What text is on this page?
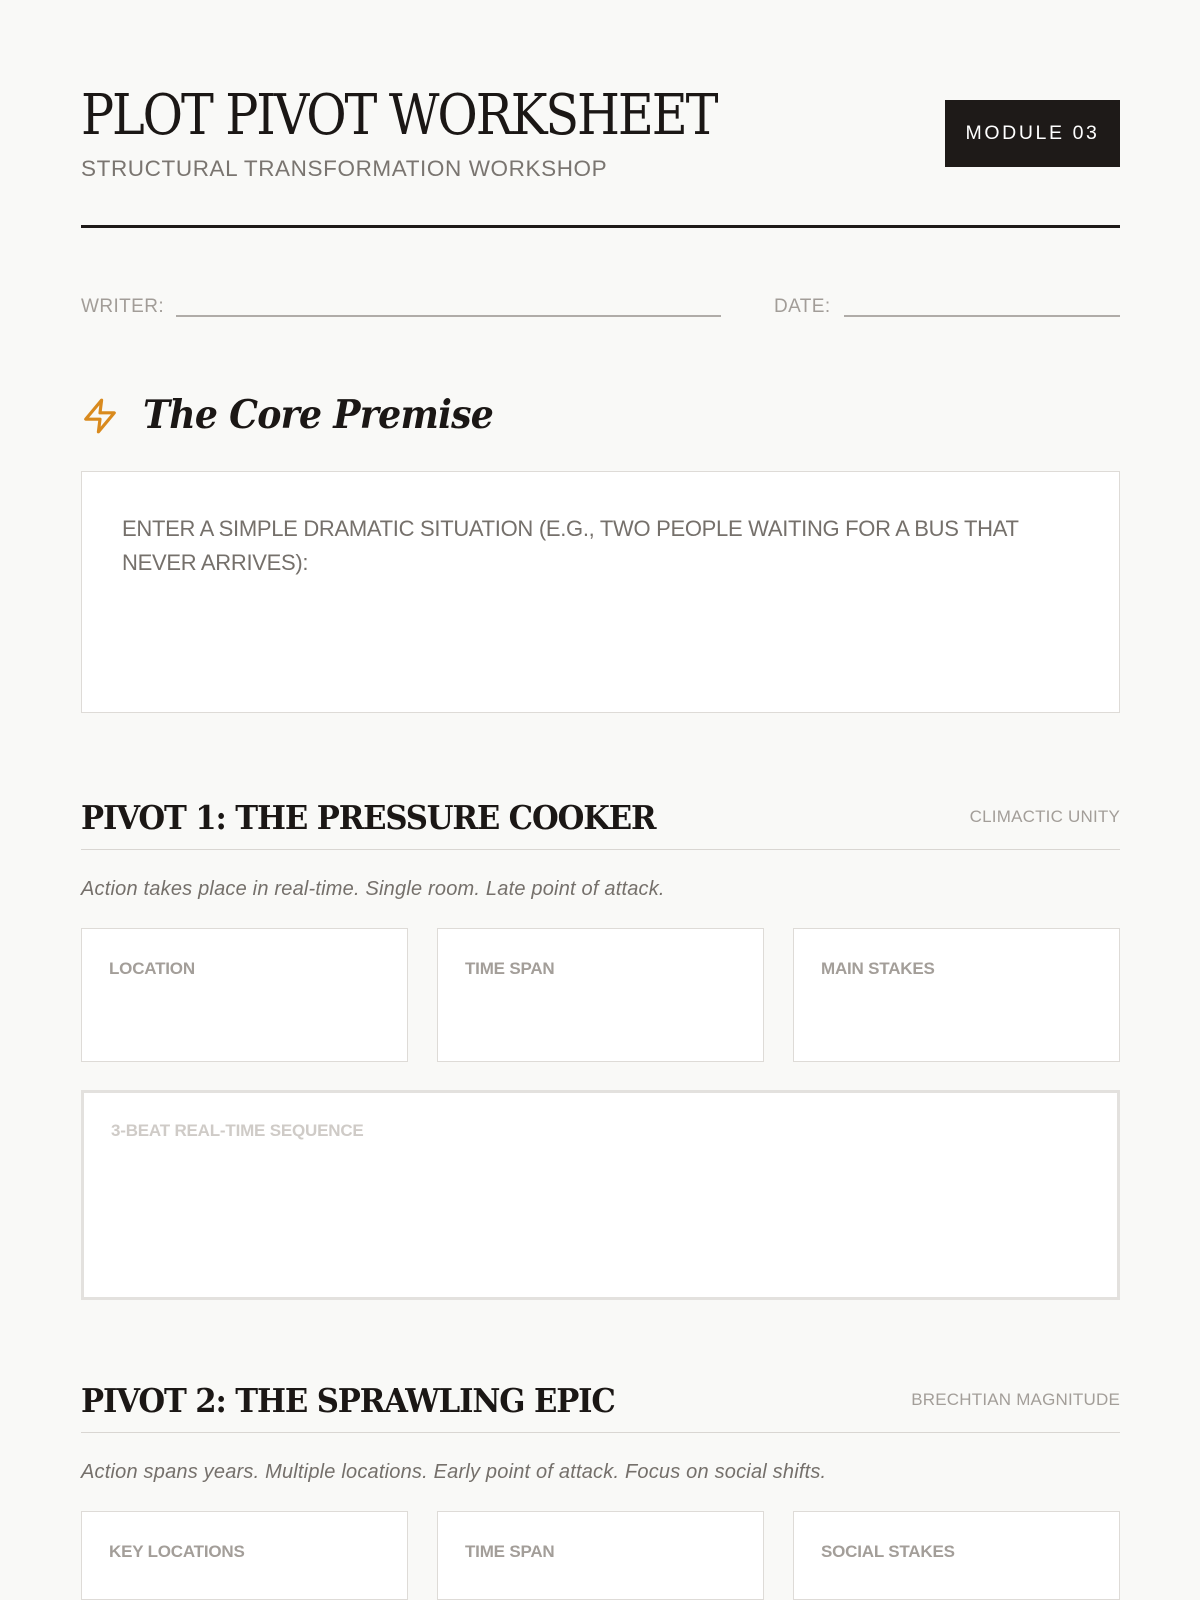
PLOT PIVOT WORKSHEET
STRUCTURAL TRANSFORMATION WORKSHOP
MODULE 03
WRITER:	DATE:
The Core Premise
ENTER A SIMPLE DRAMATIC SITUATION (E.G., TWO PEOPLE WAITING FOR A BUS THAT NEVER ARRIVES):
PIVOT 1: THE PRESSURE COOKER	CLIMACTIC UNITY
Action takes place in real-time. Single room. Late point of attack.
LOCATION	TIME SPAN	MAIN STAKES
3-BEAT REAL-TIME SEQUENCE
PIVOT 2: THE SPRAWLING EPIC	BRECHTIAN MAGNITUDE
Action spans years. Multiple locations. Early point of attack. Focus on social shifts.
KEY LOCATIONS	TIME SPAN	SOCIAL STAKES
